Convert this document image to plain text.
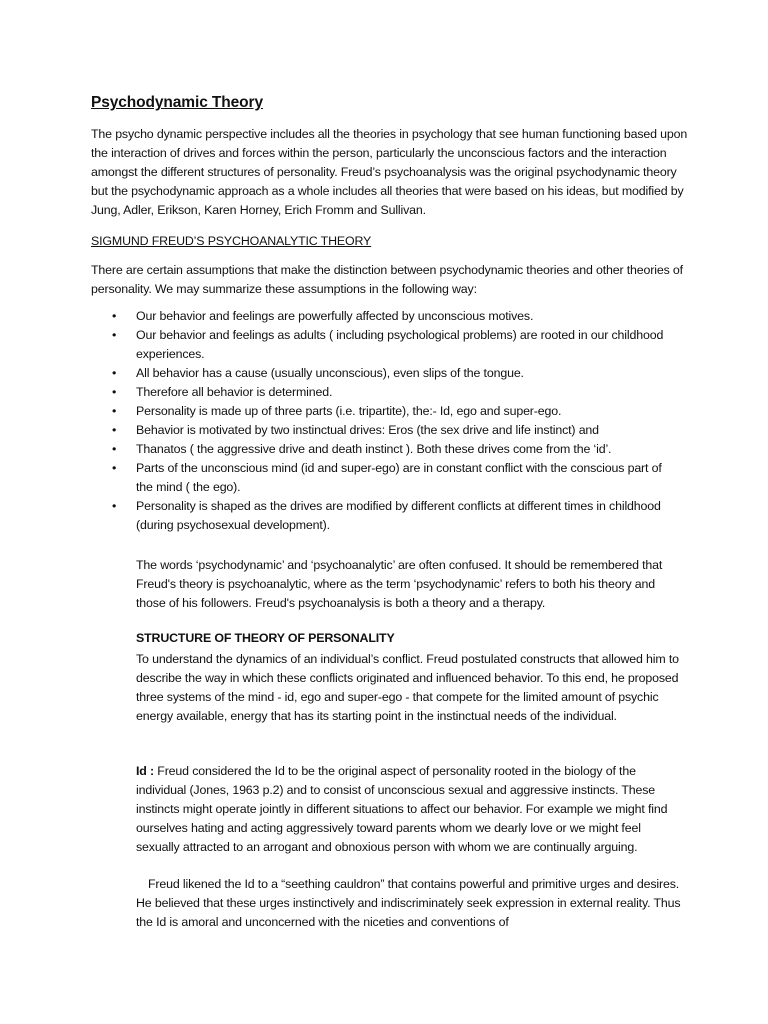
Psychodynamic Theory

The psycho dynamic perspective includes all the theories in psychology that see human functioning based upon the interaction of drives and forces within the person, particularly the unconscious factors and the interaction amongst the different structures of personality. Freud’s psychoanalysis was the original psychodynamic theory but the psychodynamic approach as a whole includes all theories that were based on his ideas, but modified by Jung, Adler, Erikson, Karen Horney, Erich Fromm and Sullivan.

SIGMUND FREUD’S PSYCHOANALYTIC THEORY

There are certain assumptions that make the distinction between psychodynamic theories and other theories of personality. We may summarize these assumptions in the following way:

•	Our behavior and feelings are powerfully affected by unconscious motives.
•	Our behavior and feelings as adults ( including psychological problems) are rooted in our childhood experiences.
•	All behavior has a cause (usually unconscious), even slips of the tongue.
•	Therefore all behavior is determined.
•	Personality is made up of three parts (i.e. tripartite), the:- Id, ego and super-ego.
•	Behavior is motivated by two instinctual drives: Eros (the sex drive and life instinct) and
•	Thanatos ( the aggressive drive and death instinct ). Both these drives come from the ‘id’.
•	Parts of the unconscious mind (id and super-ego) are in constant conflict with the conscious part of the mind ( the ego).
•	Personality is shaped as the drives are modified by different conflicts at different times in childhood (during psychosexual development).

The words ‘psychodynamic’ and ‘psychoanalytic’ are often confused. It should be remembered that Freud's theory is psychoanalytic, where as the term ‘psychodynamic’ refers to both his theory and those of his followers. Freud's psychoanalysis is both a theory and a therapy.

STRUCTURE OF THEORY OF PERSONALITY

To understand the dynamics of an individual’s conflict. Freud postulated constructs that allowed him to describe the way in which these conflicts originated and influenced behavior. To this end, he proposed three systems of the mind - id, ego and super-ego - that compete for the limited amount of psychic energy available, energy that has its starting point in the instinctual needs of the individual.

Id : Freud considered the Id to be the original aspect of personality rooted in the biology of the individual (Jones, 1963 p.2) and to consist of unconscious sexual and aggressive instincts. These instincts might operate jointly in different situations to affect our behavior. For example we might find ourselves hating and acting aggressively toward parents whom we dearly love or we might feel sexually attracted to an arrogant and obnoxious person with whom we are continually arguing.

Freud likened the Id to a “seething cauldron” that contains powerful and primitive urges and desires. He believed that these urges instinctively and indiscriminately seek expression in external reality. Thus the Id is amoral and unconcerned with the niceties and conventions of
